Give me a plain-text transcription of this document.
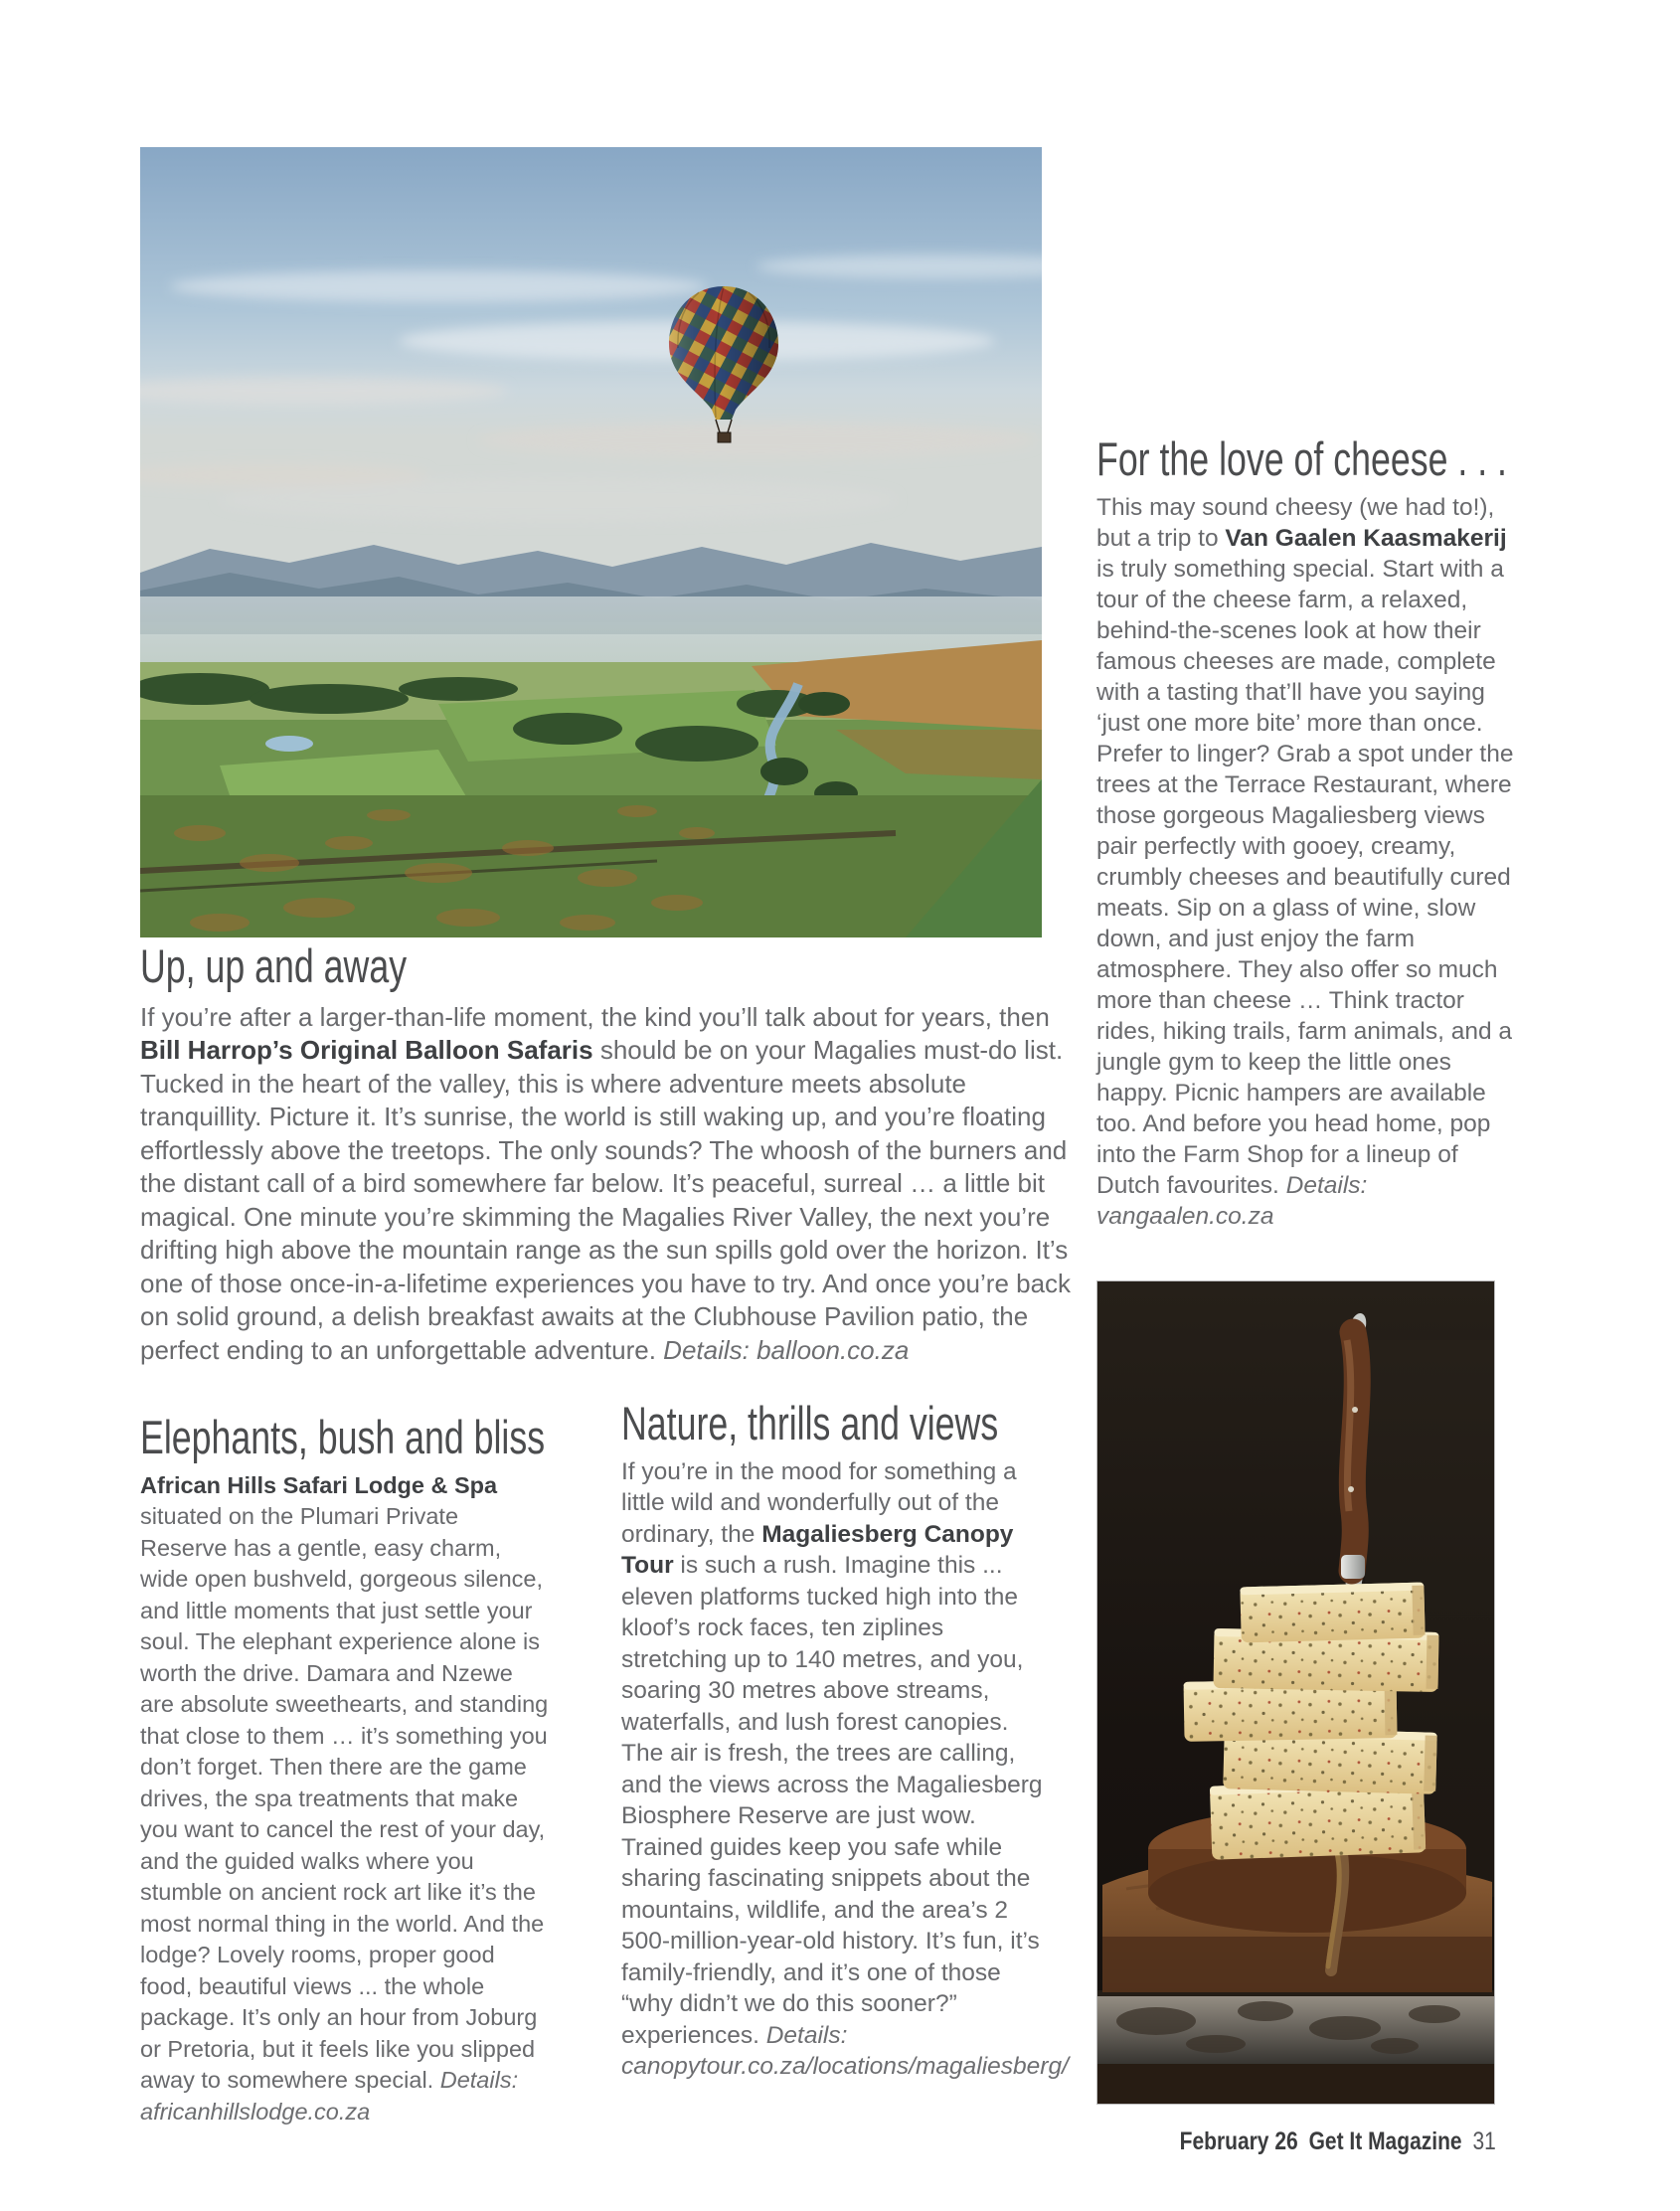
Up, up and away

If you’re after a larger-than-life moment, the kind you’ll talk about for years, then Bill Harrop’s Original Balloon Safaris should be on your Magalies must-do list. Tucked in the heart of the valley, this is where adventure meets absolute tranquillity. Picture it. It’s sunrise, the world is still waking up, and you’re floating effortlessly above the treetops. The only sounds? The whoosh of the burners and the distant call of a bird somewhere far below. It’s peaceful, surreal … a little bit magical. One minute you’re skimming the Magalies River Valley, the next you’re drifting high above the mountain range as the sun spills gold over the horizon. It’s one of those once-in-a-lifetime experiences you have to try. And once you’re back on solid ground, a delish breakfast awaits at the Clubhouse Pavilion patio, the perfect ending to an unforgettable adventure. Details: balloon.co.za

For the love of cheese . . .

This may sound cheesy (we had to!), but a trip to Van Gaalen Kaasmakerij is truly something special. Start with a tour of the cheese farm, a relaxed, behind-the-scenes look at how their famous cheeses are made, complete with a tasting that’ll have you saying ‘just one more bite’ more than once. Prefer to linger? Grab a spot under the trees at the Terrace Restaurant, where those gorgeous Magaliesberg views pair perfectly with gooey, creamy, crumbly cheeses and beautifully cured meats. Sip on a glass of wine, slow down, and just enjoy the farm atmosphere. They also offer so much more than cheese … Think tractor rides, hiking trails, farm animals, and a jungle gym to keep the little ones happy. Picnic hampers are available too. And before you head home, pop into the Farm Shop for a lineup of Dutch favourites. Details: vangaalen.co.za

Elephants, bush and bliss

African Hills Safari Lodge & Spa situated on the Plumari Private Reserve has a gentle, easy charm, wide open bushveld, gorgeous silence, and little moments that just settle your soul. The elephant experience alone is worth the drive. Damara and Nzewe are absolute sweethearts, and standing that close to them … it’s something you don’t forget. Then there are the game drives, the spa treatments that make you want to cancel the rest of your day, and the guided walks where you stumble on ancient rock art like it’s the most normal thing in the world. And the lodge? Lovely rooms, proper good food, beautiful views ... the whole package. It’s only an hour from Joburg or Pretoria, but it feels like you slipped away to somewhere special. Details: africanhillslodge.co.za

Nature, thrills and views

If you’re in the mood for something a little wild and wonderfully out of the ordinary, the Magaliesberg Canopy Tour is such a rush. Imagine this ... eleven platforms tucked high into the kloof’s rock faces, ten ziplines stretching up to 140 metres, and you, soaring 30 metres above streams, waterfalls, and lush forest canopies. The air is fresh, the trees are calling, and the views across the Magaliesberg Biosphere Reserve are just wow. Trained guides keep you safe while sharing fascinating snippets about the mountains, wildlife, and the area’s 2 500-million-year-old history. It’s fun, it’s family-friendly, and it’s one of those “why didn’t we do this sooner?” experiences. Details: canopytour.co.za/locations/magaliesberg/

February 26 Get It Magazine 31
